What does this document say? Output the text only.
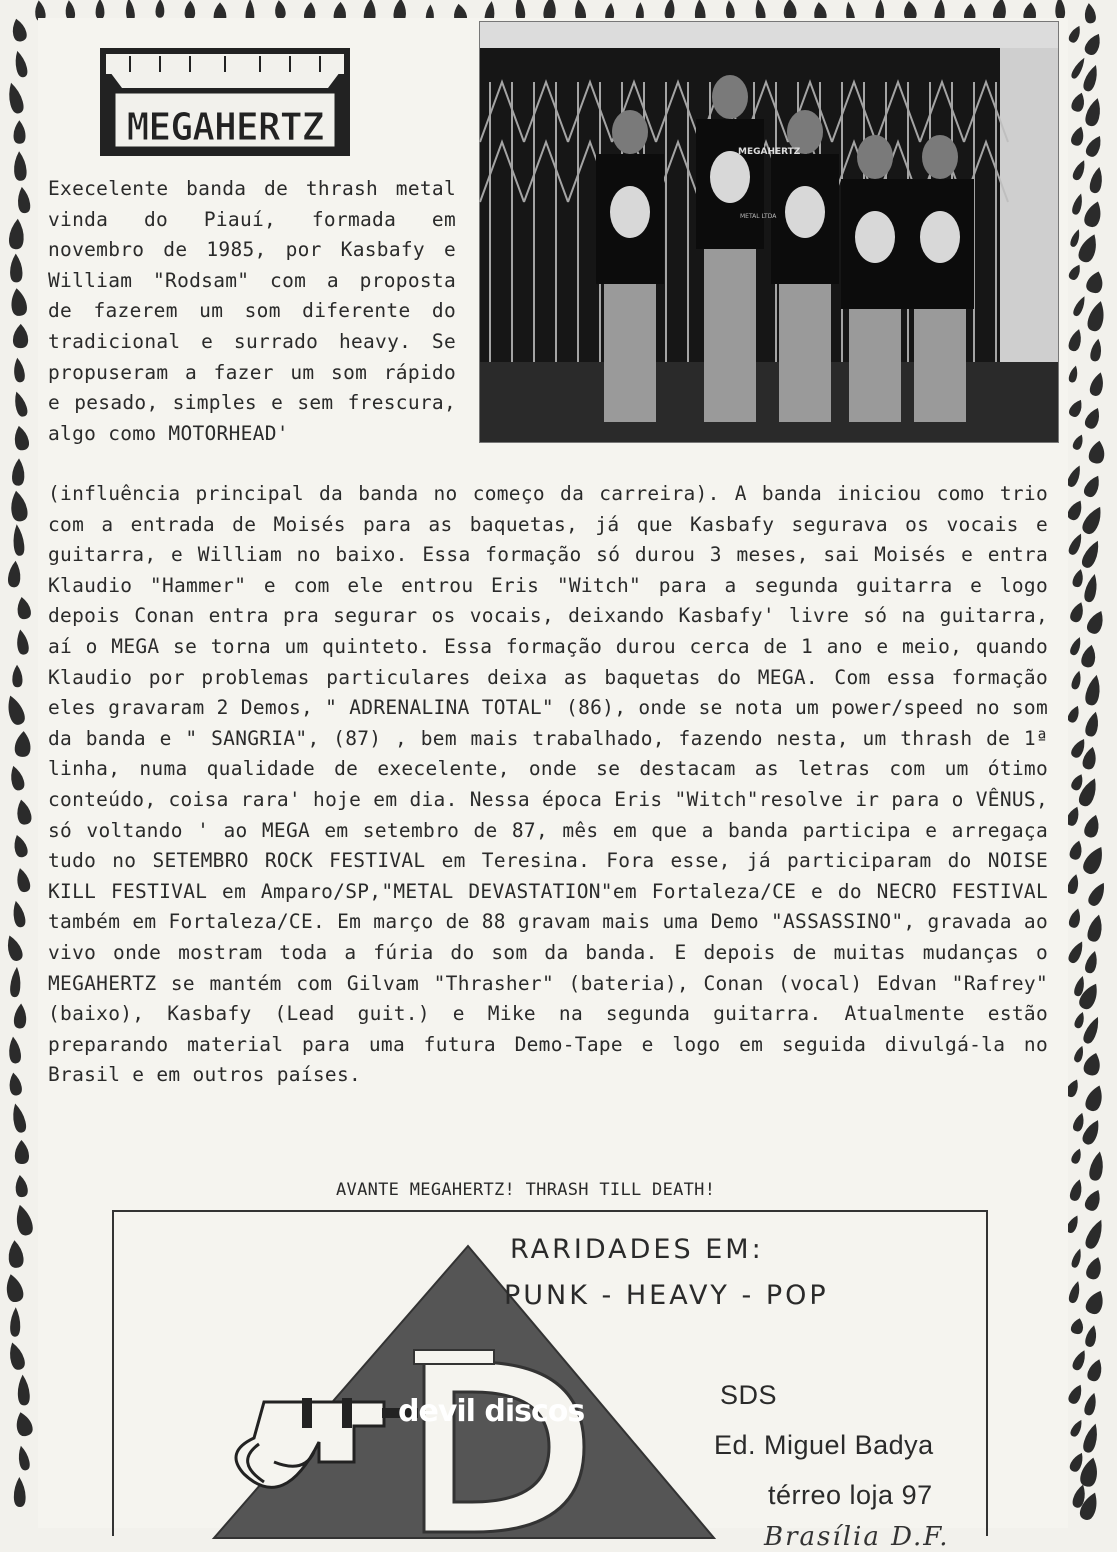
MEGAHERTZ
MEGAHERTZ
METAL LTDA

Execelente banda de thrash metal vinda do Piauí, formada em novembro de 1985, por Kasbafy e William "Rodsam" com a proposta de fazerem um som diferente do tradicional e surrado heavy. Se propuseram a fazer um som rápido e pesado, simples e sem frescura, algo como MOTORHEAD'

(influência principal da banda no começo da carreira). A banda iniciou como trio com a entrada de Moisés para as baquetas, já que Kasbafy segurava os vocais e guitarra, e William no baixo. Essa formação só durou 3 meses, sai Moisés e entra Klaudio "Hammer" e com ele entrou Eris "Witch" para a segunda guitarra e logo depois Conan entra pra segurar os vocais, deixando Kasbafy' livre só na guitarra, aí o MEGA se torna um quinteto. Essa formação durou cerca de 1 ano e meio, quando Klaudio por problemas particulares deixa as baquetas do MEGA. Com essa formação eles gravaram 2 Demos, " ADRENALINA TOTAL" (86), onde se nota um power/speed no som da banda e " SANGRIA", (87) , bem mais trabalhado, fazendo nesta, um thrash de 1ª linha, numa qualidade de execelente, onde se destacam as letras com um ótimo conteúdo, coisa rara' hoje em dia. Nessa época Eris "Witch"resolve ir para o VÊNUS, só voltando ' ao MEGA em setembro de 87, mês em que a banda participa e arregaça tudo no SETEMBRO ROCK FESTIVAL em Teresina. Fora esse, já participaram do NOISE KILL FESTIVAL em Amparo/SP,"METAL DEVASTATION"em Fortaleza/CE e do NECRO FESTIVAL também em Fortaleza/CE. Em março de 88 gravam mais uma Demo "ASSASSINO", gravada ao vivo onde mostram toda a fúria do som da banda. E depois de muitas mudanças o MEGAHERTZ se mantém com Gilvam "Thrasher" (bateria), Conan (vocal) Edvan "Rafrey" (baixo), Kasbafy (Lead guit.) e Mike na segunda guitarra. Atualmente estão preparando material para uma futura Demo-Tape e logo em seguida divulgá-la no Brasil e em outros países.

AVANTE MEGAHERTZ! THRASH TILL DEATH!
devil discos
RARIDADES EM:
PUNK - HEAVY - POP
SDS
Ed. Miguel Badya
térreo loja 97
Brasília D.F.
